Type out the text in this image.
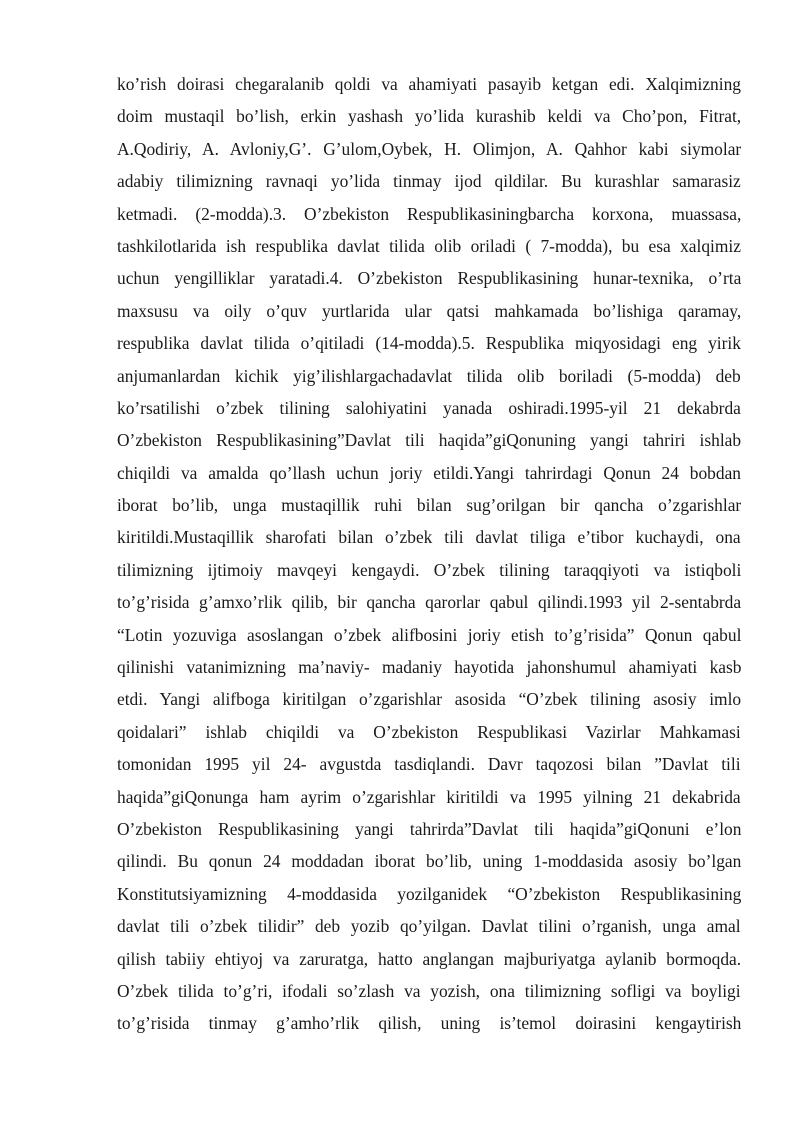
ko’rish doirasi chegaralanib qoldi va ahamiyati pasayib ketgan edi. Xalqimizning
doim mustaqil bo’lish, erkin yashash yo’lida kurashib keldi va Cho’pon, Fitrat,
A.Qodiriy, A. Avloniy,G’. G’ulom,Oybek, H. Olimjon, A. Qahhor kabi siymolar
adabiy tilimizning ravnaqi yo’lida tinmay ijod qildilar. Bu kurashlar samarasiz
ketmadi. (2-modda).3. O’zbekiston Respublikasiningbarcha korxona, muassasa,
tashkilotlarida ish respublika davlat tilida olib oriladi ( 7-modda), bu esa xalqimiz
uchun yengilliklar yaratadi.4. O’zbekiston Respublikasining hunar-texnika, o’rta
maxsusu va oily o’quv yurtlarida ular qatsi mahkamada bo’lishiga qaramay,
respublika davlat tilida o’qitiladi (14-modda).5. Respublika miqyosidagi eng yirik
anjumanlardan kichik yig’ilishlargachadavlat tilida olib boriladi (5-modda) deb
ko’rsatilishi o’zbek tilining salohiyatini yanada oshiradi.1995-yil 21 dekabrda
O’zbekiston Respublikasining”Davlat tili haqida”giQonuning yangi tahriri ishlab
chiqildi va amalda qo’llash uchun joriy etildi.Yangi tahrirdagi Qonun 24 bobdan
iborat bo’lib, unga mustaqillik ruhi bilan sug’orilgan bir qancha o’zgarishlar
kiritildi.Mustaqillik sharofati bilan o’zbek tili davlat tiliga e’tibor kuchaydi, ona
tilimizning ijtimoiy mavqeyi kengaydi. O’zbek tilining taraqqiyoti va istiqboli
to’g’risida g’amxo’rlik qilib, bir qancha qarorlar qabul qilindi.1993 yil 2-sentabrda
“Lotin yozuviga asoslangan o’zbek alifbosini joriy etish to’g’risida” Qonun qabul
qilinishi vatanimizning ma’naviy- madaniy hayotida jahonshumul ahamiyati kasb
etdi. Yangi alifboga kiritilgan o’zgarishlar asosida “O’zbek tilining asosiy imlo
qoidalari” ishlab chiqildi va O’zbekiston Respublikasi Vazirlar Mahkamasi
tomonidan 1995 yil 24- avgustda tasdiqlandi. Davr taqozosi bilan ”Davlat tili
haqida”giQonunga ham ayrim o’zgarishlar kiritildi va 1995 yilning 21 dekabrida
O’zbekiston Respublikasining yangi tahrirda”Davlat tili haqida”giQonuni e’lon
qilindi. Bu qonun 24 moddadan iborat bo’lib, uning 1-moddasida asosiy bo’lgan
Konstitutsiyamizning 4-moddasida yozilganidek “O’zbekiston Respublikasining
davlat tili o’zbek tilidir” deb yozib qo’yilgan. Davlat tilini o’rganish, unga amal
qilish tabiiy ehtiyoj va zaruratga, hatto anglangan majburiyatga aylanib bormoqda.
O’zbek tilida to’g’ri, ifodali so’zlash va yozish, ona tilimizning sofligi va boyligi
to’g’risida tinmay g’amho’rlik qilish, uning is’temol doirasini kengaytirish
